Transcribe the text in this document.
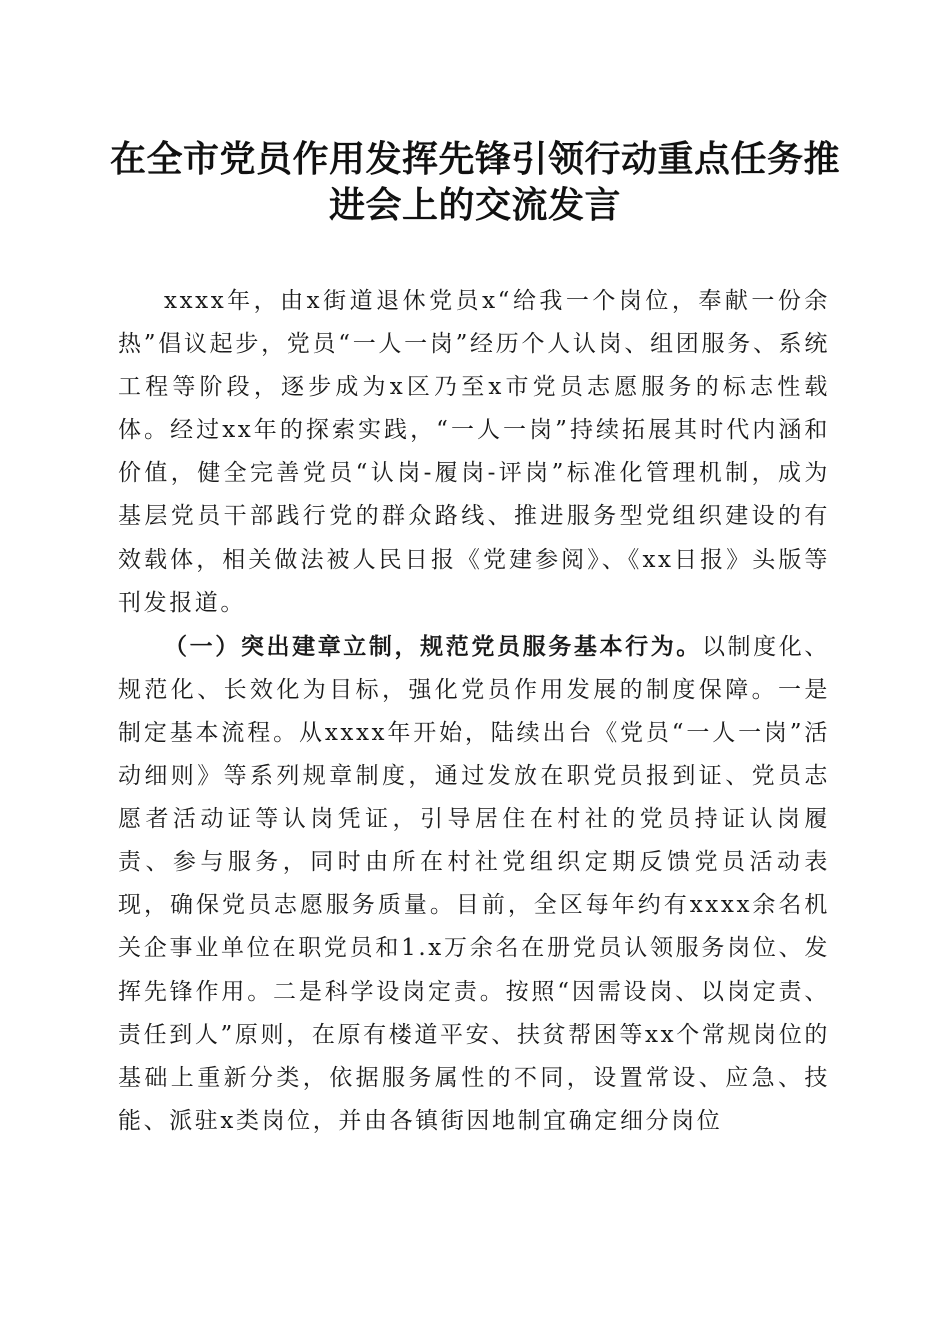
在全市党员作用发挥先锋引领行动重点任务推
进会上的交流发言

xxxx年，由x街道退休党员x“给我一个岗位，奉献一份余热”倡议起步，党员“一人一岗”经历个人认岗、组团服务、系统工程等阶段，逐步成为x区乃至x市党员志愿服务的标志性载体。经过xx年的探索实践，“一人一岗”持续拓展其时代内涵和价值，健全完善党员“认岗-履岗-评岗”标准化管理机制，成为基层党员干部践行党的群众路线、推进服务型党组织建设的有效载体，相关做法被人民日报《党建参阅》、《xx日报》头版等刊发报道。

（一）突出建章立制，规范党员服务基本行为。以制度化、规范化、长效化为目标，强化党员作用发展的制度保障。一是制定基本流程。从xxxx年开始，陆续出台《党员“一人一岗”活动细则》等系列规章制度，通过发放在职党员报到证、党员志愿者活动证等认岗凭证，引导居住在村社的党员持证认岗履责、参与服务，同时由所在村社党组织定期反馈党员活动表现，确保党员志愿服务质量。目前，全区每年约有xxxx余名机关企事业单位在职党员和1.x万余名在册党员认领服务岗位、发挥先锋作用。二是科学设岗定责。按照“因需设岗、以岗定责、责任到人”原则，在原有楼道平安、扶贫帮困等xx个常规岗位的基础上重新分类，依据服务属性的不同，设置常设、应急、技能、派驻x类岗位，并由各镇街因地制宜确定细分岗位
